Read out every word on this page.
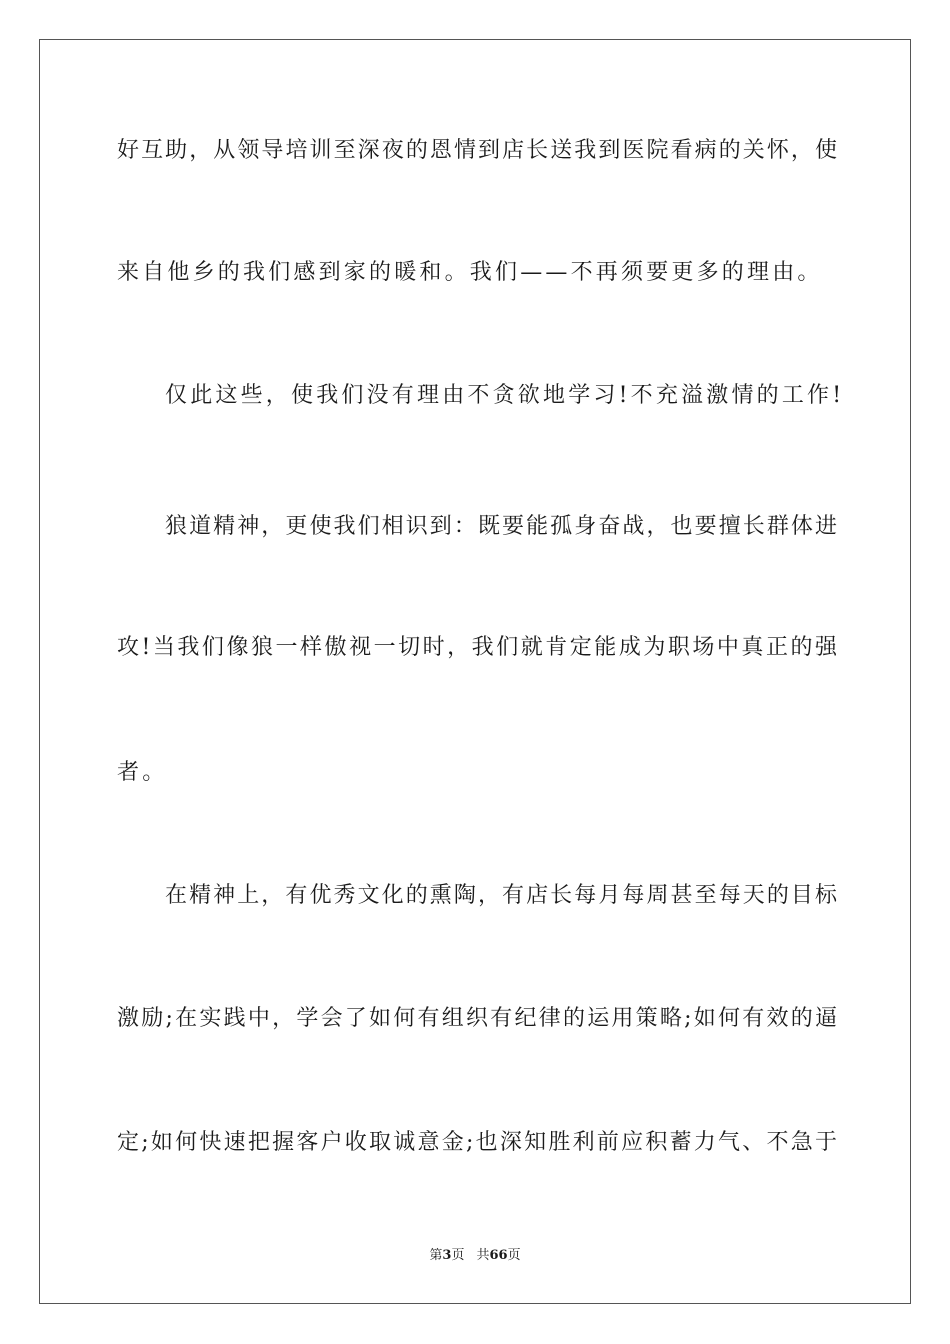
好互助，从领导培训至深夜的恩情到店长送我到医院看病的关怀，使
来自他乡的我们感到家的暖和。我们——不再须要更多的理由。
仅此这些，使我们没有理由不贪欲地学习!不充溢激情的工作!
狼道精神，更使我们相识到：既要能孤身奋战，也要擅长群体进
攻!当我们像狼一样傲视一切时，我们就肯定能成为职场中真正的强
者。
在精神上，有优秀文化的熏陶，有店长每月每周甚至每天的目标
激励;在实践中，学会了如何有组织有纪律的运用策略;如何有效的逼
定;如何快速把握客户收取诚意金;也深知胜利前应积蓄力气、不急于
第3页 共66页
